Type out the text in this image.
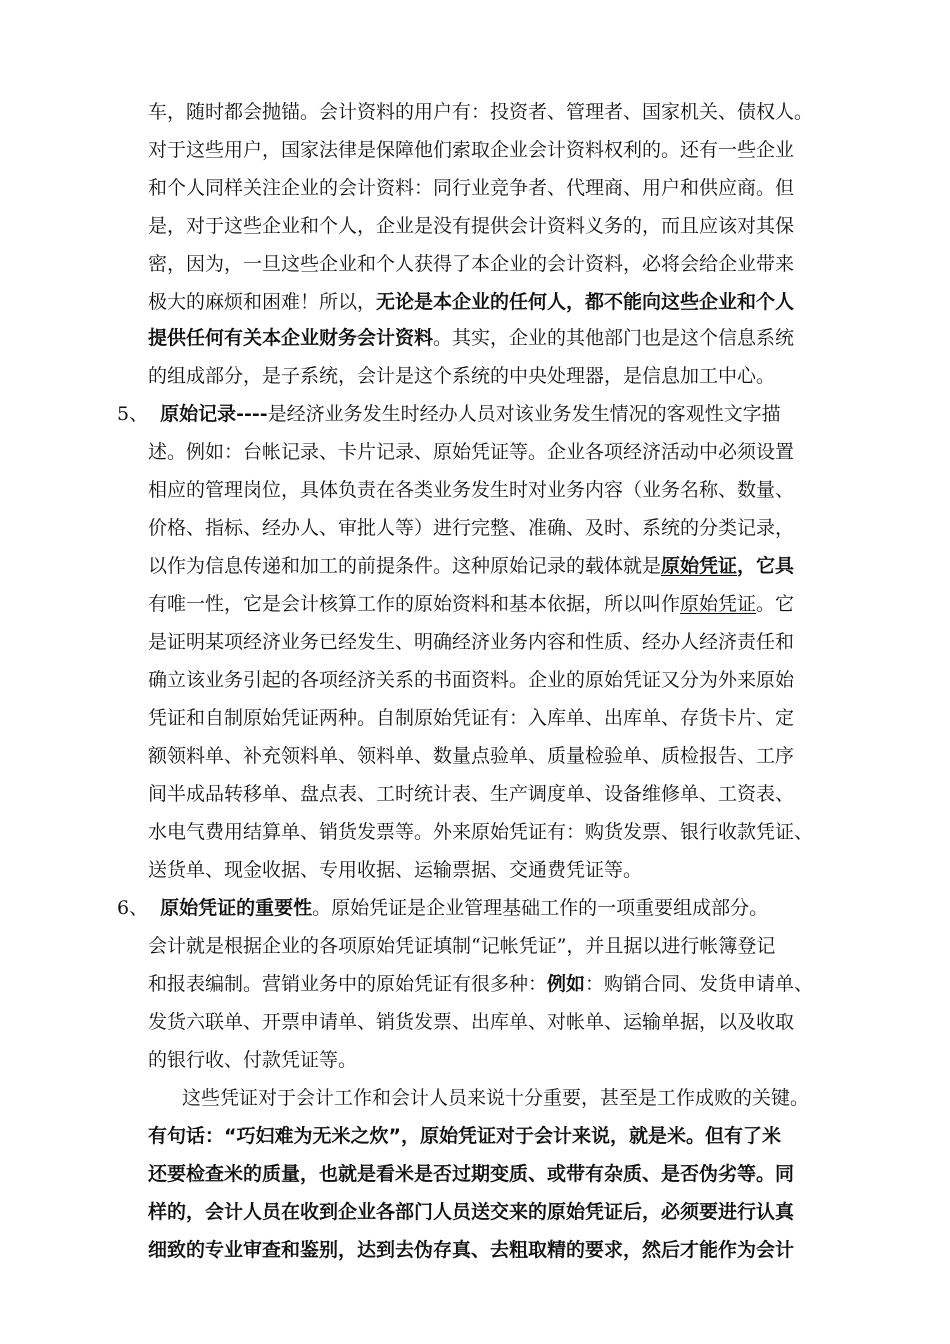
车，随时都会抛锚。会计资料的用户有：投资者、管理者、国家机关、债权人。
对于这些用户，国家法律是保障他们索取企业会计资料权利的。还有一些企业
和个人同样关注企业的会计资料：同行业竞争者、代理商、用户和供应商。但
是，对于这些企业和个人，企业是没有提供会计资料义务的，而且应该对其保
密，因为，一旦这些企业和个人获得了本企业的会计资料，必将会给企业带来
极大的麻烦和困难！所以，无论是本企业的任何人，都不能向这些企业和个人
提供任何有关本企业财务会计资料。其实，企业的其他部门也是这个信息系统
的组成部分，是子系统，会计是这个系统的中央处理器，是信息加工中心。
5、 原始记录----是经济业务发生时经办人员对该业务发生情况的客观性文字描
述。例如：台帐记录、卡片记录、原始凭证等。企业各项经济活动中必须设置
相应的管理岗位，具体负责在各类业务发生时对业务内容（业务名称、数量、
价格、指标、经办人、审批人等）进行完整、准确、及时、系统的分类记录，
以作为信息传递和加工的前提条件。这种原始记录的载体就是原始凭证，它具
有唯一性，它是会计核算工作的原始资料和基本依据，所以叫作原始凭证。它
是证明某项经济业务已经发生、明确经济业务内容和性质、经办人经济责任和
确立该业务引起的各项经济关系的书面资料。企业的原始凭证又分为外来原始
凭证和自制原始凭证两种。自制原始凭证有：入库单、出库单、存货卡片、定
额领料单、补充领料单、领料单、数量点验单、质量检验单、质检报告、工序
间半成品转移单、盘点表、工时统计表、生产调度单、设备维修单、工资表、
水电气费用结算单、销货发票等。外来原始凭证有：购货发票、银行收款凭证、
送货单、现金收据、专用收据、运输票据、交通费凭证等。
6、 原始凭证的重要性。原始凭证是企业管理基础工作的一项重要组成部分。
会计就是根据企业的各项原始凭证填制“记帐凭证”，并且据以进行帐簿登记
和报表编制。营销业务中的原始凭证有很多种：例如：购销合同、发货申请单、
发货六联单、开票申请单、销货发票、出库单、对帐单、运输单据，以及收取
的银行收、付款凭证等。
这些凭证对于会计工作和会计人员来说十分重要，甚至是工作成败的关键。
有句话：“巧妇难为无米之炊”，原始凭证对于会计来说，就是米。但有了米
还要检查米的质量，也就是看米是否过期变质、或带有杂质、是否伪劣等。同
样的，会计人员在收到企业各部门人员送交来的原始凭证后，必须要进行认真
细致的专业审查和鉴别，达到去伪存真、去粗取精的要求，然后才能作为会计
